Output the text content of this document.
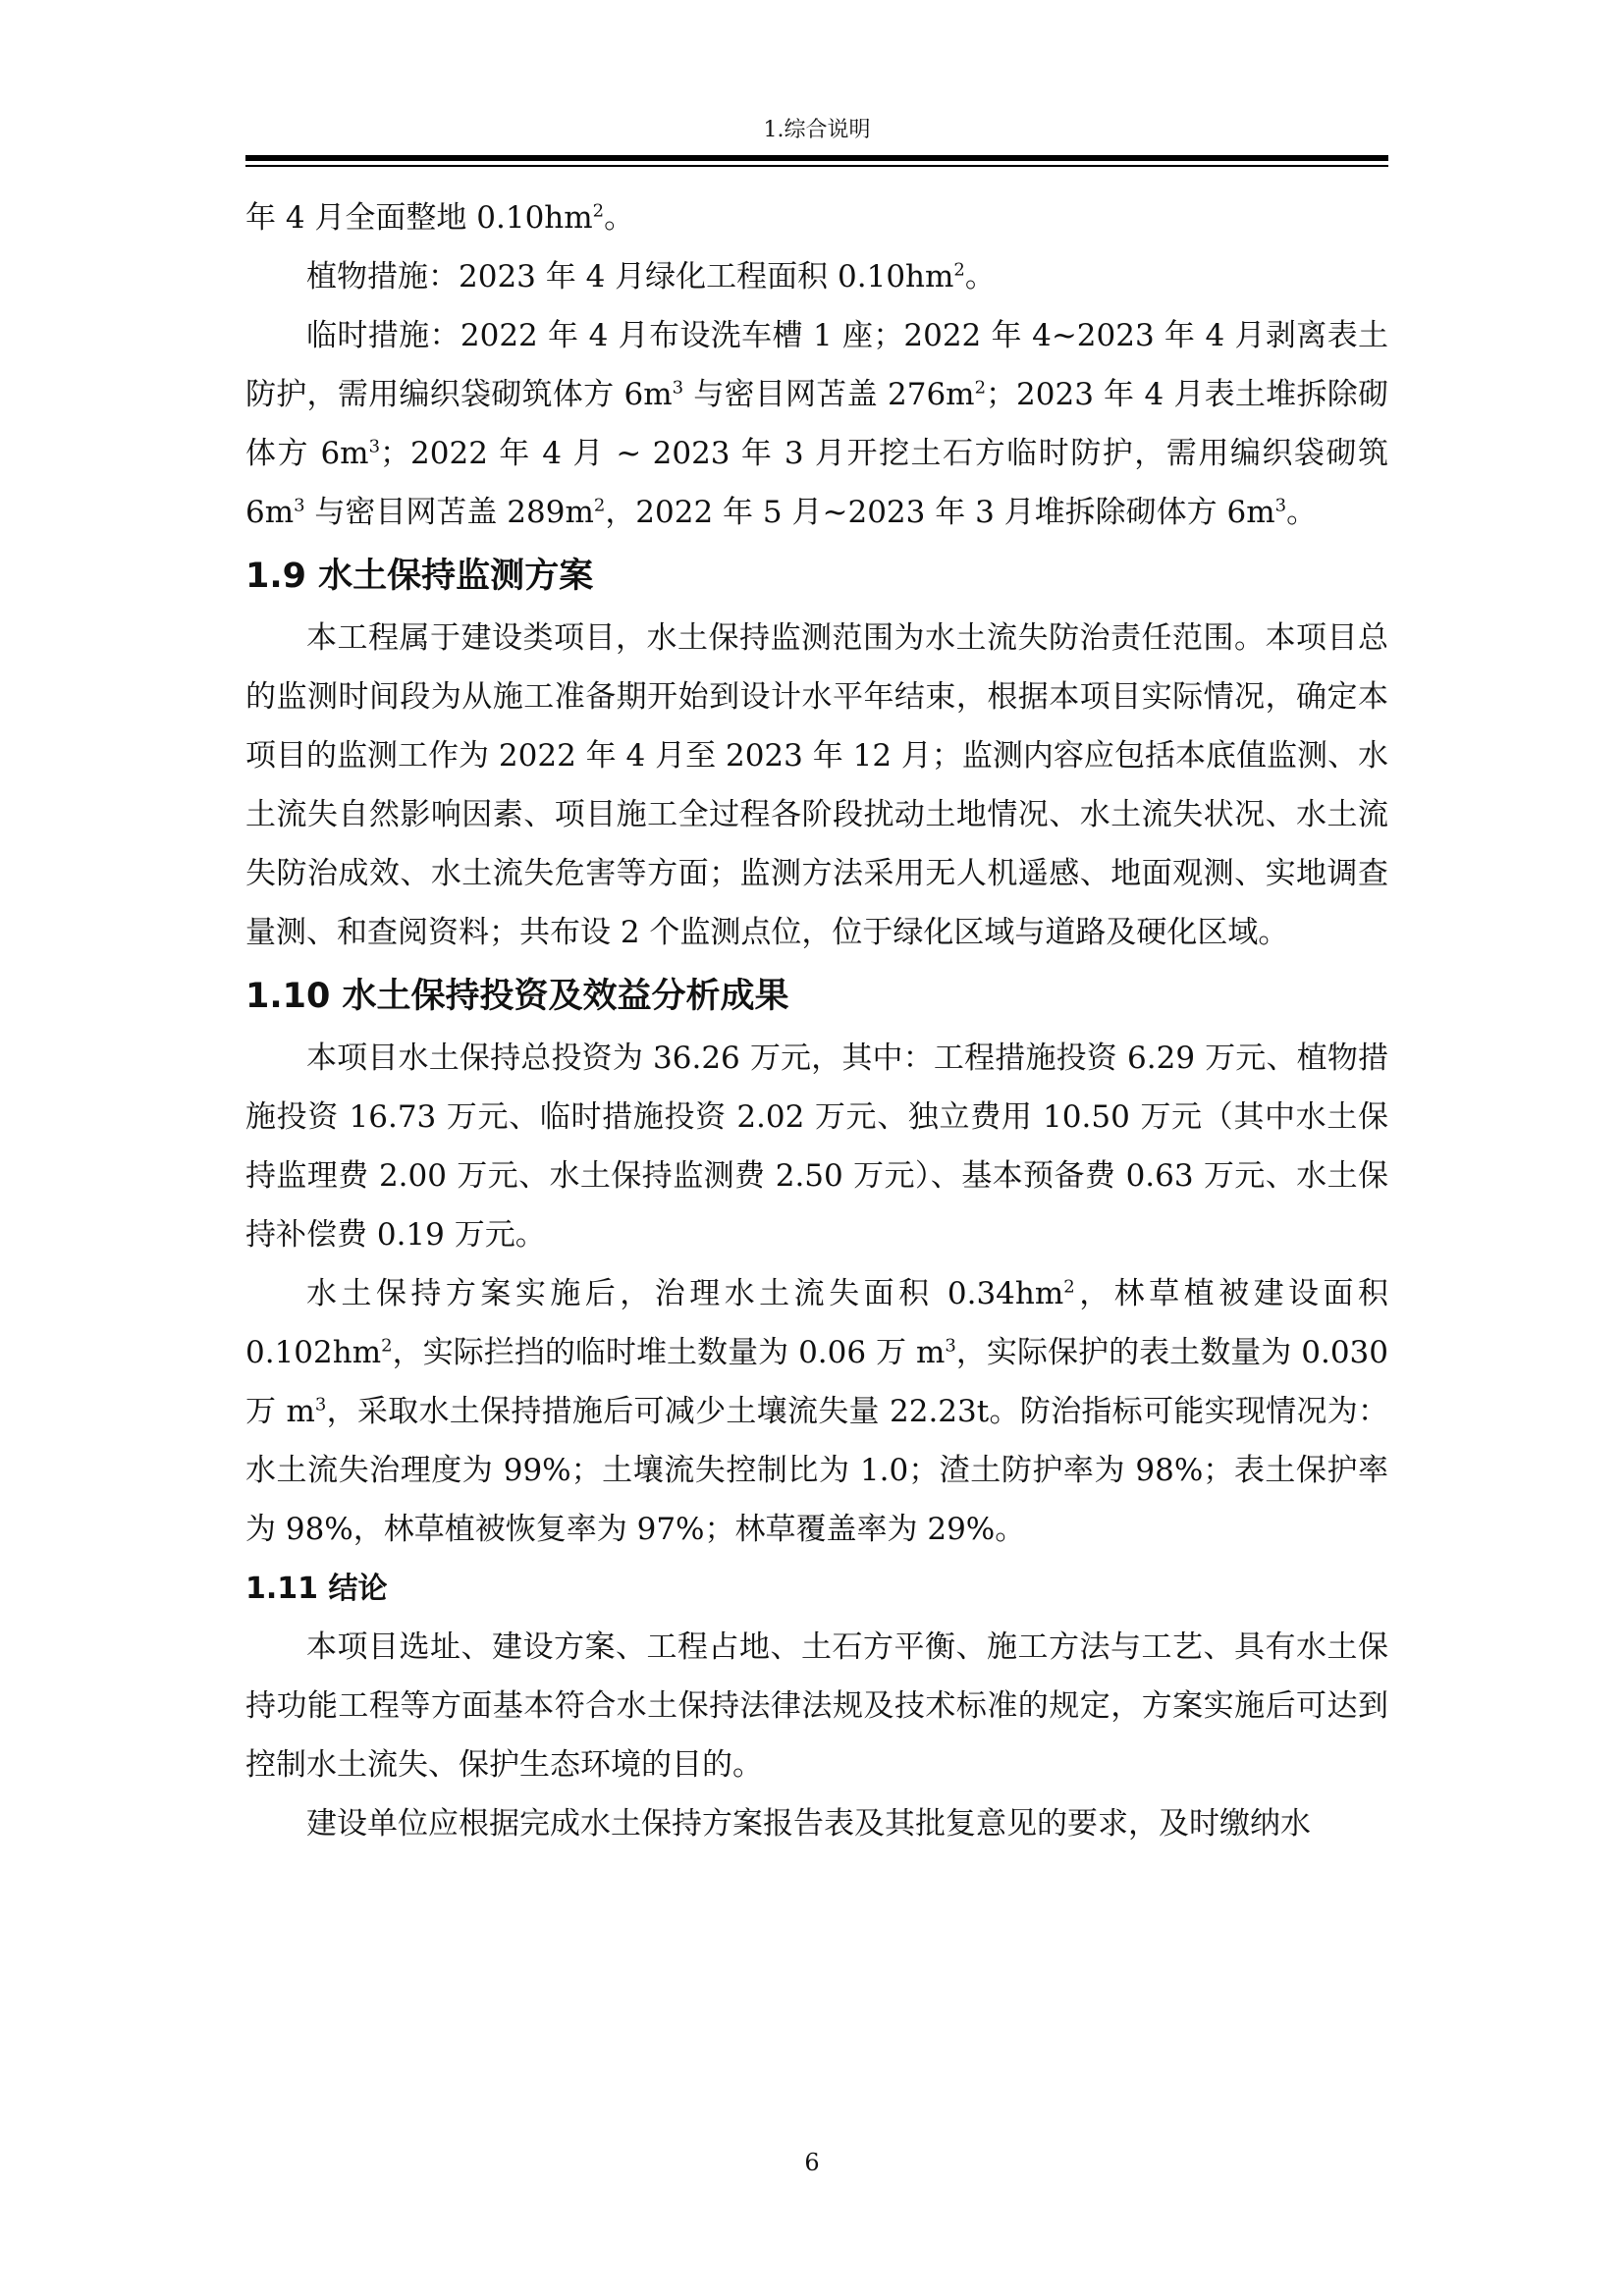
1.综合说明

年 4 月全面整地 $0.10hm^2$。

植物措施：2023 年 4 月绿化工程面积 $0.10hm^2$。

临时措施：2022 年 4 月布设洗车槽 1 座；2022 年 4~2023 年 4 月剥离表土防护，需用编织袋砌筑体方 $6m^3$ 与密目网苫盖 $276m^2$；2023 年 4 月表土堆拆除砌体方 $6m^3$；2022 年 4 月 ~ 2023 年 3 月开挖土石方临时防护，需用编织袋砌筑 $6m^3$ 与密目网苫盖 $289m^2$，2022 年 5 月~2023 年 3 月堆拆除砌体方 $6m^3$。

1.9 水土保持监测方案

本工程属于建设类项目，水土保持监测范围为水土流失防治责任范围。本项目总的监测时间段为从施工准备期开始到设计水平年结束，根据本项目实际情况，确定本项目的监测工作为 2022 年 4 月至 2023 年 12 月；监测内容应包括本底值监测、水土流失自然影响因素、项目施工全过程各阶段扰动土地情况、水土流失状况、水土流失防治成效、水土流失危害等方面；监测方法采用无人机遥感、地面观测、实地调查量测、和查阅资料；共布设 2 个监测点位，位于绿化区域与道路及硬化区域。

1.10 水土保持投资及效益分析成果

本项目水土保持总投资为 36.26 万元，其中：工程措施投资 6.29 万元、植物措施投资 16.73 万元、临时措施投资 2.02 万元、独立费用 10.50 万元（其中水土保持监理费 2.00 万元、水土保持监测费 2.50 万元）、基本预备费 0.63 万元、水土保持补偿费 0.19 万元。

水土保持方案实施后，治理水土流失面积 $0.34hm^2$，林草植被建设面积 $0.102hm^2$，实际拦挡的临时堆土数量为 0.06 万 $m^3$，实际保护的表土数量为 0.030 万 $m^3$，采取水土保持措施后可减少土壤流失量 22.23t。防治指标可能实现情况为：水土流失治理度为 99%；土壤流失控制比为 1.0；渣土防护率为 98%；表土保护率为 98%，林草植被恢复率为 97%；林草覆盖率为 29%。

1.11 结论

本项目选址、建设方案、工程占地、土石方平衡、施工方法与工艺、具有水土保持功能工程等方面基本符合水土保持法律法规及技术标准的规定，方案实施后可达到控制水土流失、保护生态环境的目的。

建设单位应根据完成水土保持方案报告表及其批复意见的要求，及时缴纳水

6
